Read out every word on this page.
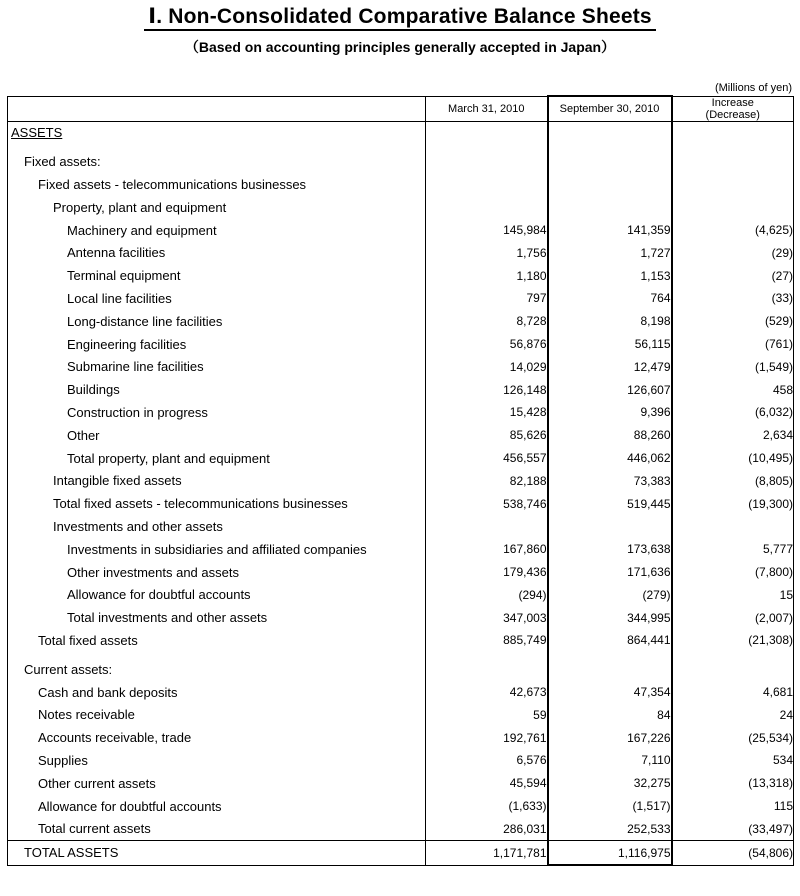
Ⅰ. Non-Consolidated Comparative Balance Sheets
（Based on accounting principles generally accepted in Japan）
(Millions of yen)
	March 31, 2010	September 30, 2010	Increase
(Decrease)

ASSETS			

Fixed assets:			
Fixed assets - telecommunications businesses			
Property, plant and equipment			
Machinery and equipment	145,984	141,359	(4,625)
Antenna facilities	1,756	1,727	(29)
Terminal equipment	1,180	1,153	(27)
Local line facilities	797	764	(33)
Long-distance line facilities	8,728	8,198	(529)
Engineering facilities	56,876	56,115	(761)
Submarine line facilities	14,029	12,479	(1,549)
Buildings	126,148	126,607	458
Construction in progress	15,428	9,396	(6,032)
Other	85,626	88,260	2,634
Total property, plant and equipment	456,557	446,062	(10,495)
Intangible fixed assets	82,188	73,383	(8,805)
Total fixed assets - telecommunications businesses	538,746	519,445	(19,300)
Investments and other assets			
Investments in subsidiaries and affiliated companies	167,860	173,638	5,777
Other investments and assets	179,436	171,636	(7,800)
Allowance for doubtful accounts	(294)	(279)	15
Total investments and other assets	347,003	344,995	(2,007)
Total fixed assets	885,749	864,441	(21,308)

Current assets:			
Cash and bank deposits	42,673	47,354	4,681
Notes receivable	59	84	24
Accounts receivable, trade	192,761	167,226	(25,534)
Supplies	6,576	7,110	534
Other current assets	45,594	32,275	(13,318)
Allowance for doubtful accounts	(1,633)	(1,517)	115
Total current assets	286,031	252,533	(33,497)
TOTAL ASSETS	1,171,781	1,116,975	(54,806)
